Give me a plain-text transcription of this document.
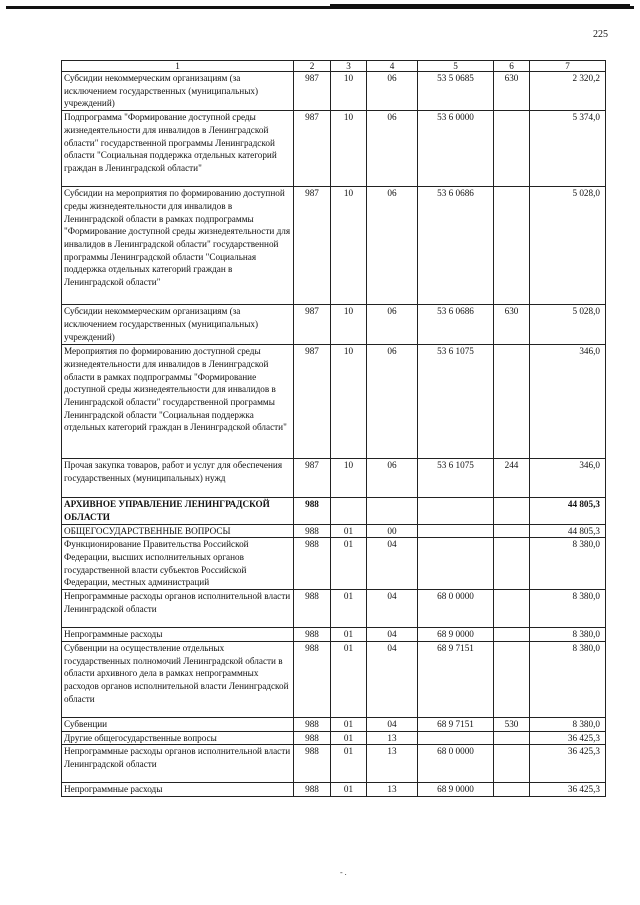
225
1	2	3	4	5	6	7
Субсидии некоммерческим организациям (за исключением государственных (муниципальных) учреждений)	987	10	06	53 5 0685	630	2 320,2
Подпрограмма "Формирование доступной среды жизнедеятельности для инвалидов в Ленинградской области" государственной программы Ленинградской области "Социальная поддержка отдельных категорий граждан в Ленинградской области"	987	10	06	53 6 0000		5 374,0
Субсидии на мероприятия по формированию доступной среды жизнедеятельности для инвалидов в Ленинградской области в рамках подпрограммы "Формирование доступной среды жизнедеятельности для инвалидов в Ленинградской области" государственной программы Ленинградской области "Социальная поддержка отдельных категорий граждан в Ленинградской области"	987	10	06	53 6 0686		5 028,0
Субсидии некоммерческим организациям (за исключением государственных (муниципальных) учреждений)	987	10	06	53 6 0686	630	5 028,0
Мероприятия по формированию доступной среды жизнедеятельности для инвалидов в Ленинградской области в рамках подпрограммы "Формирование доступной среды жизнедеятельности для инвалидов в Ленинградской области" государственной программы Ленинградской области "Социальная поддержка отдельных категорий граждан в Ленинградской области"	987	10	06	53 6 1075		346,0
Прочая закупка товаров, работ и услуг для обеспечения государственных (муниципальных) нужд	987	10	06	53 6 1075	244	346,0
АРХИВНОЕ УПРАВЛЕНИЕ ЛЕНИНГРАДСКОЙ ОБЛАСТИ	988					44 805,3
ОБЩЕГОСУДАРСТВЕННЫЕ ВОПРОСЫ	988	01	00			44 805,3
Функционирование Правительства Российской Федерации, высших исполнительных органов государственной власти субъектов Российской Федерации, местных администраций	988	01	04			8 380,0
Непрограммные расходы органов исполнительной власти Ленинградской области	988	01	04	68 0 0000		8 380,0
Непрограммные расходы	988	01	04	68 9 0000		8 380,0
Субвенции на осуществление отдельных государственных полномочий Ленинградской области в области архивного дела в рамках непрограммных расходов органов исполнительной власти Ленинградской области	988	01	04	68 9 7151		8 380,0
Субвенции	988	01	04	68 9 7151	530	8 380,0
Другие общегосударственные вопросы	988	01	13			36 425,3
Непрограммные расходы органов исполнительной власти Ленинградской области	988	01	13	68 0 0000		36 425,3
Непрограммные расходы	988	01	13	68 9 0000		36 425,3
- .
